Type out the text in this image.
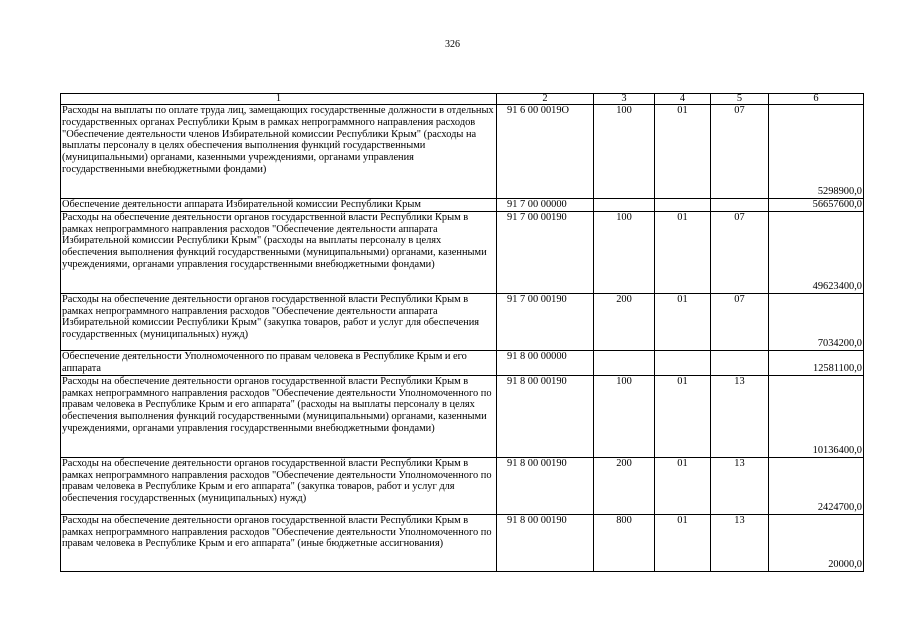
326
1	2	3	4	5	6
Расходы на выплаты по оплате труда лиц, замещающих государственные должности в отдельных государственных органах Республики Крым в рамках непрограммного направления расходов "Обеспечение деятельности членов Избирательной комиссии Республики Крым" (расходы на выплаты персоналу в целях обеспечения выполнения функций государственными (муниципальными) органами, казенными учреждениями, органами управления государственными внебюджетными фондами)	91 6 00 0019О	100	01	07	5298900,0
Обеспечение деятельности аппарата Избирательной комиссии Республики Крым	91 7 00 00000				56657600,0
Расходы на обеспечение деятельности органов государственной власти Республики Крым в рамках непрограммного направления расходов "Обеспечение деятельности аппарата Избирательной комиссии Республики Крым" (расходы на выплаты персоналу в целях обеспечения выполнения функций государственными (муниципальными) органами, казенными учреждениями, органами управления государственными внебюджетными фондами)	91 7 00 00190	100	01	07	49623400,0
Расходы на обеспечение деятельности органов государственной власти Республики Крым в рамках непрограммного направления расходов "Обеспечение деятельности аппарата Избирательной комиссии Республики Крым" (закупка товаров, работ и услуг для обеспечения государственных (муниципальных) нужд)	91 7 00 00190	200	01	07	7034200,0
Обеспечение деятельности Уполномоченного по правам человека в Республике Крым и его аппарата	91 8 00 00000				12581100,0
Расходы на обеспечение деятельности органов государственной власти Республики Крым в рамках непрограммного направления расходов "Обеспечение деятельности Уполномоченного по правам человека в Республике Крым и его аппарата" (расходы на выплаты персоналу в целях обеспечения выполнения функций государственными (муниципальными) органами, казенными учреждениями, органами управления государственными внебюджетными фондами)	91 8 00 00190	100	01	13	10136400,0
Расходы на обеспечение деятельности органов государственной власти Республики Крым в рамках непрограммного направления расходов "Обеспечение деятельности Уполномоченного по правам человека в Республике Крым и его аппарата" (закупка товаров, работ и услуг для обеспечения государственных (муниципальных) нужд)	91 8 00 00190	200	01	13	2424700,0
Расходы на обеспечение деятельности органов государственной власти Республики Крым в рамках непрограммного направления расходов "Обеспечение деятельности Уполномоченного по правам человека в Республике Крым и его аппарата" (иные бюджетные ассигнования)	91 8 00 00190	800	01	13	20000,0
